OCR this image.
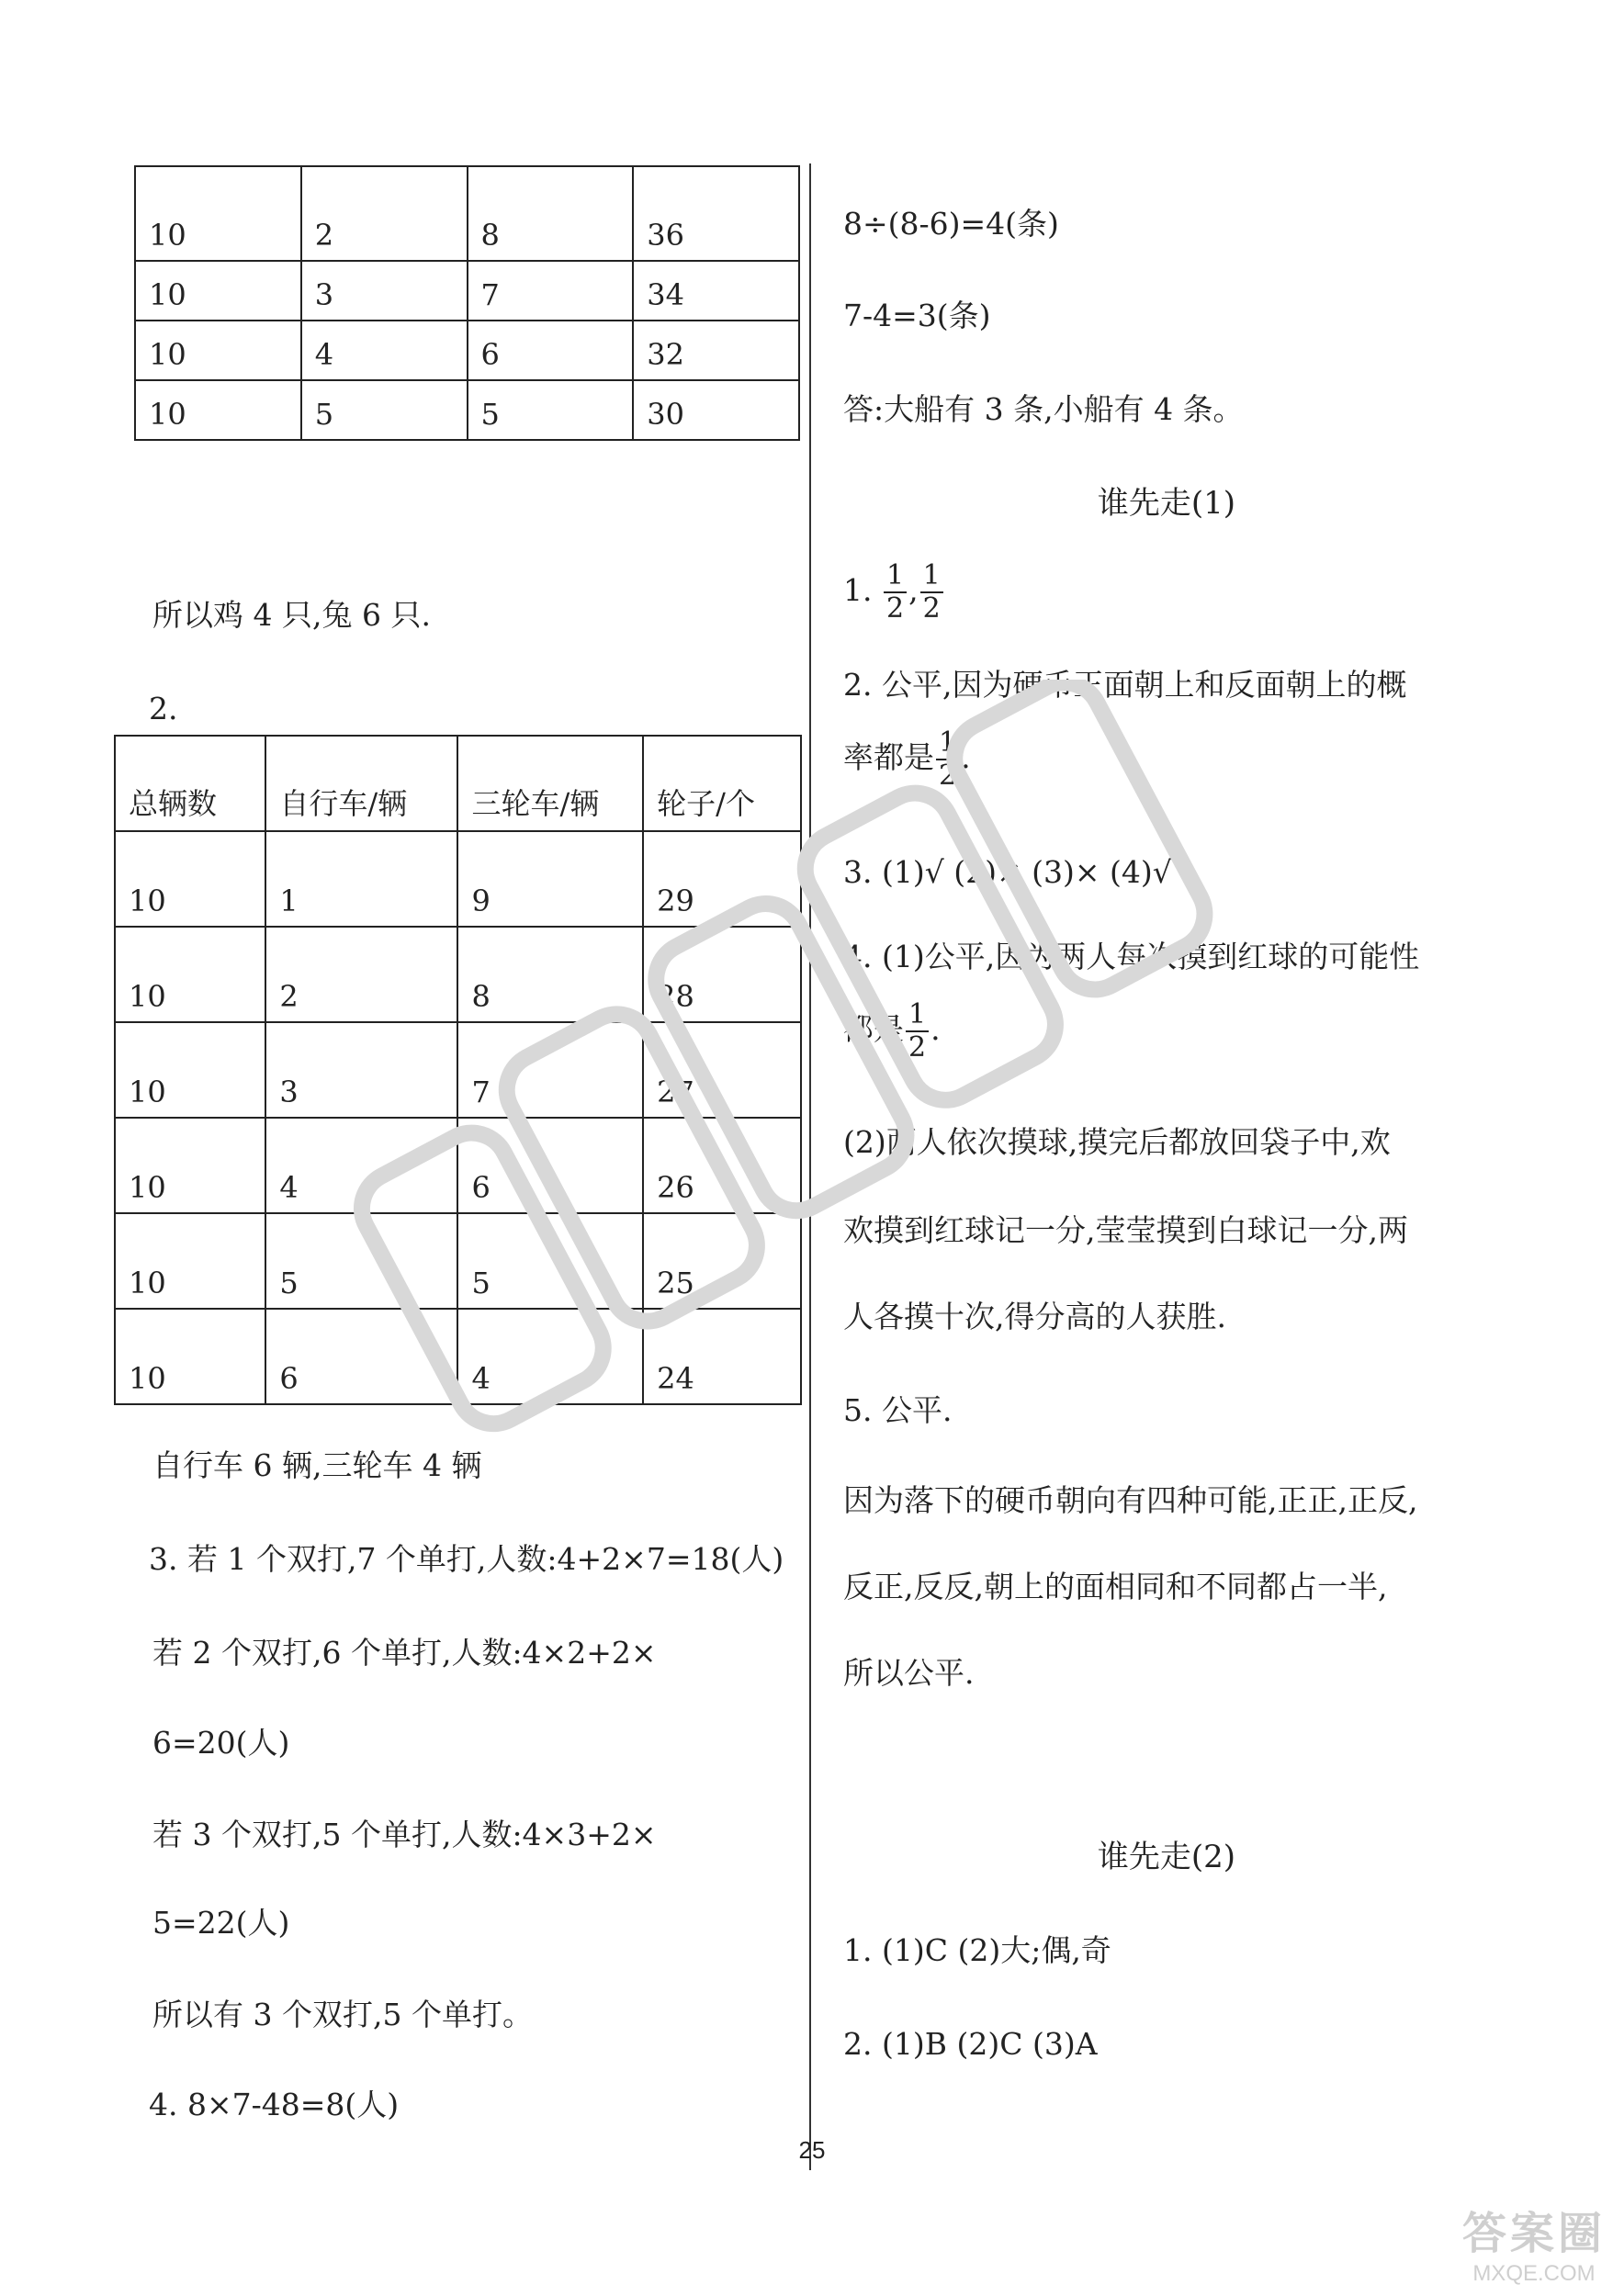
10	2	8	36
10	3	7	34
10	4	6	32
10	5	5	30
所以鸡 4 只,兔 6 只.
2.
总辆数	自行车/辆	三轮车/辆	轮子/个
10	1	9	29
10	2	8	28
10	3	7	27
10	4	6	26
10	5	5	25
10	6	4	24
自行车 6 辆,三轮车 4 辆
3. 若 1 个双打,7 个单打,人数:4+2×7=18(人)
若 2 个双打,6 个单打,人数:4×2+2×
6=20(人)
若 3 个双打,5 个单打,人数:4×3+2×
5=22(人)
所以有 3 个双打,5 个单打。
4. 8×7-48=8(人)
8÷(8-6)=4(条)
7-4=3(条)
答:大船有 3 条,小船有 4 条。
谁先走(1)
1. $\frac{1}{2}$ , $\frac{1}{2}$
2. 公平,因为硬币正面朝上和反面朝上的概
率都是 $\frac{1}{2}$ .
3. (1)√ (2)× (3)× (4)√
4. (1)公平,因为两人每次摸到红球的可能性
都是 $\frac{1}{2}$ .
(2)两人依次摸球,摸完后都放回袋子中,欢
欢摸到红球记一分,莹莹摸到白球记一分,两
人各摸十次,得分高的人获胜.
5. 公平.
因为落下的硬币朝向有四种可能,正正,正反,
反正,反反,朝上的面相同和不同都占一半,
所以公平.
谁先走(2)
1. (1)C (2)大;偶,奇
2. (1)B (2)C (3)A
25
答案圈
MXQE.COM
